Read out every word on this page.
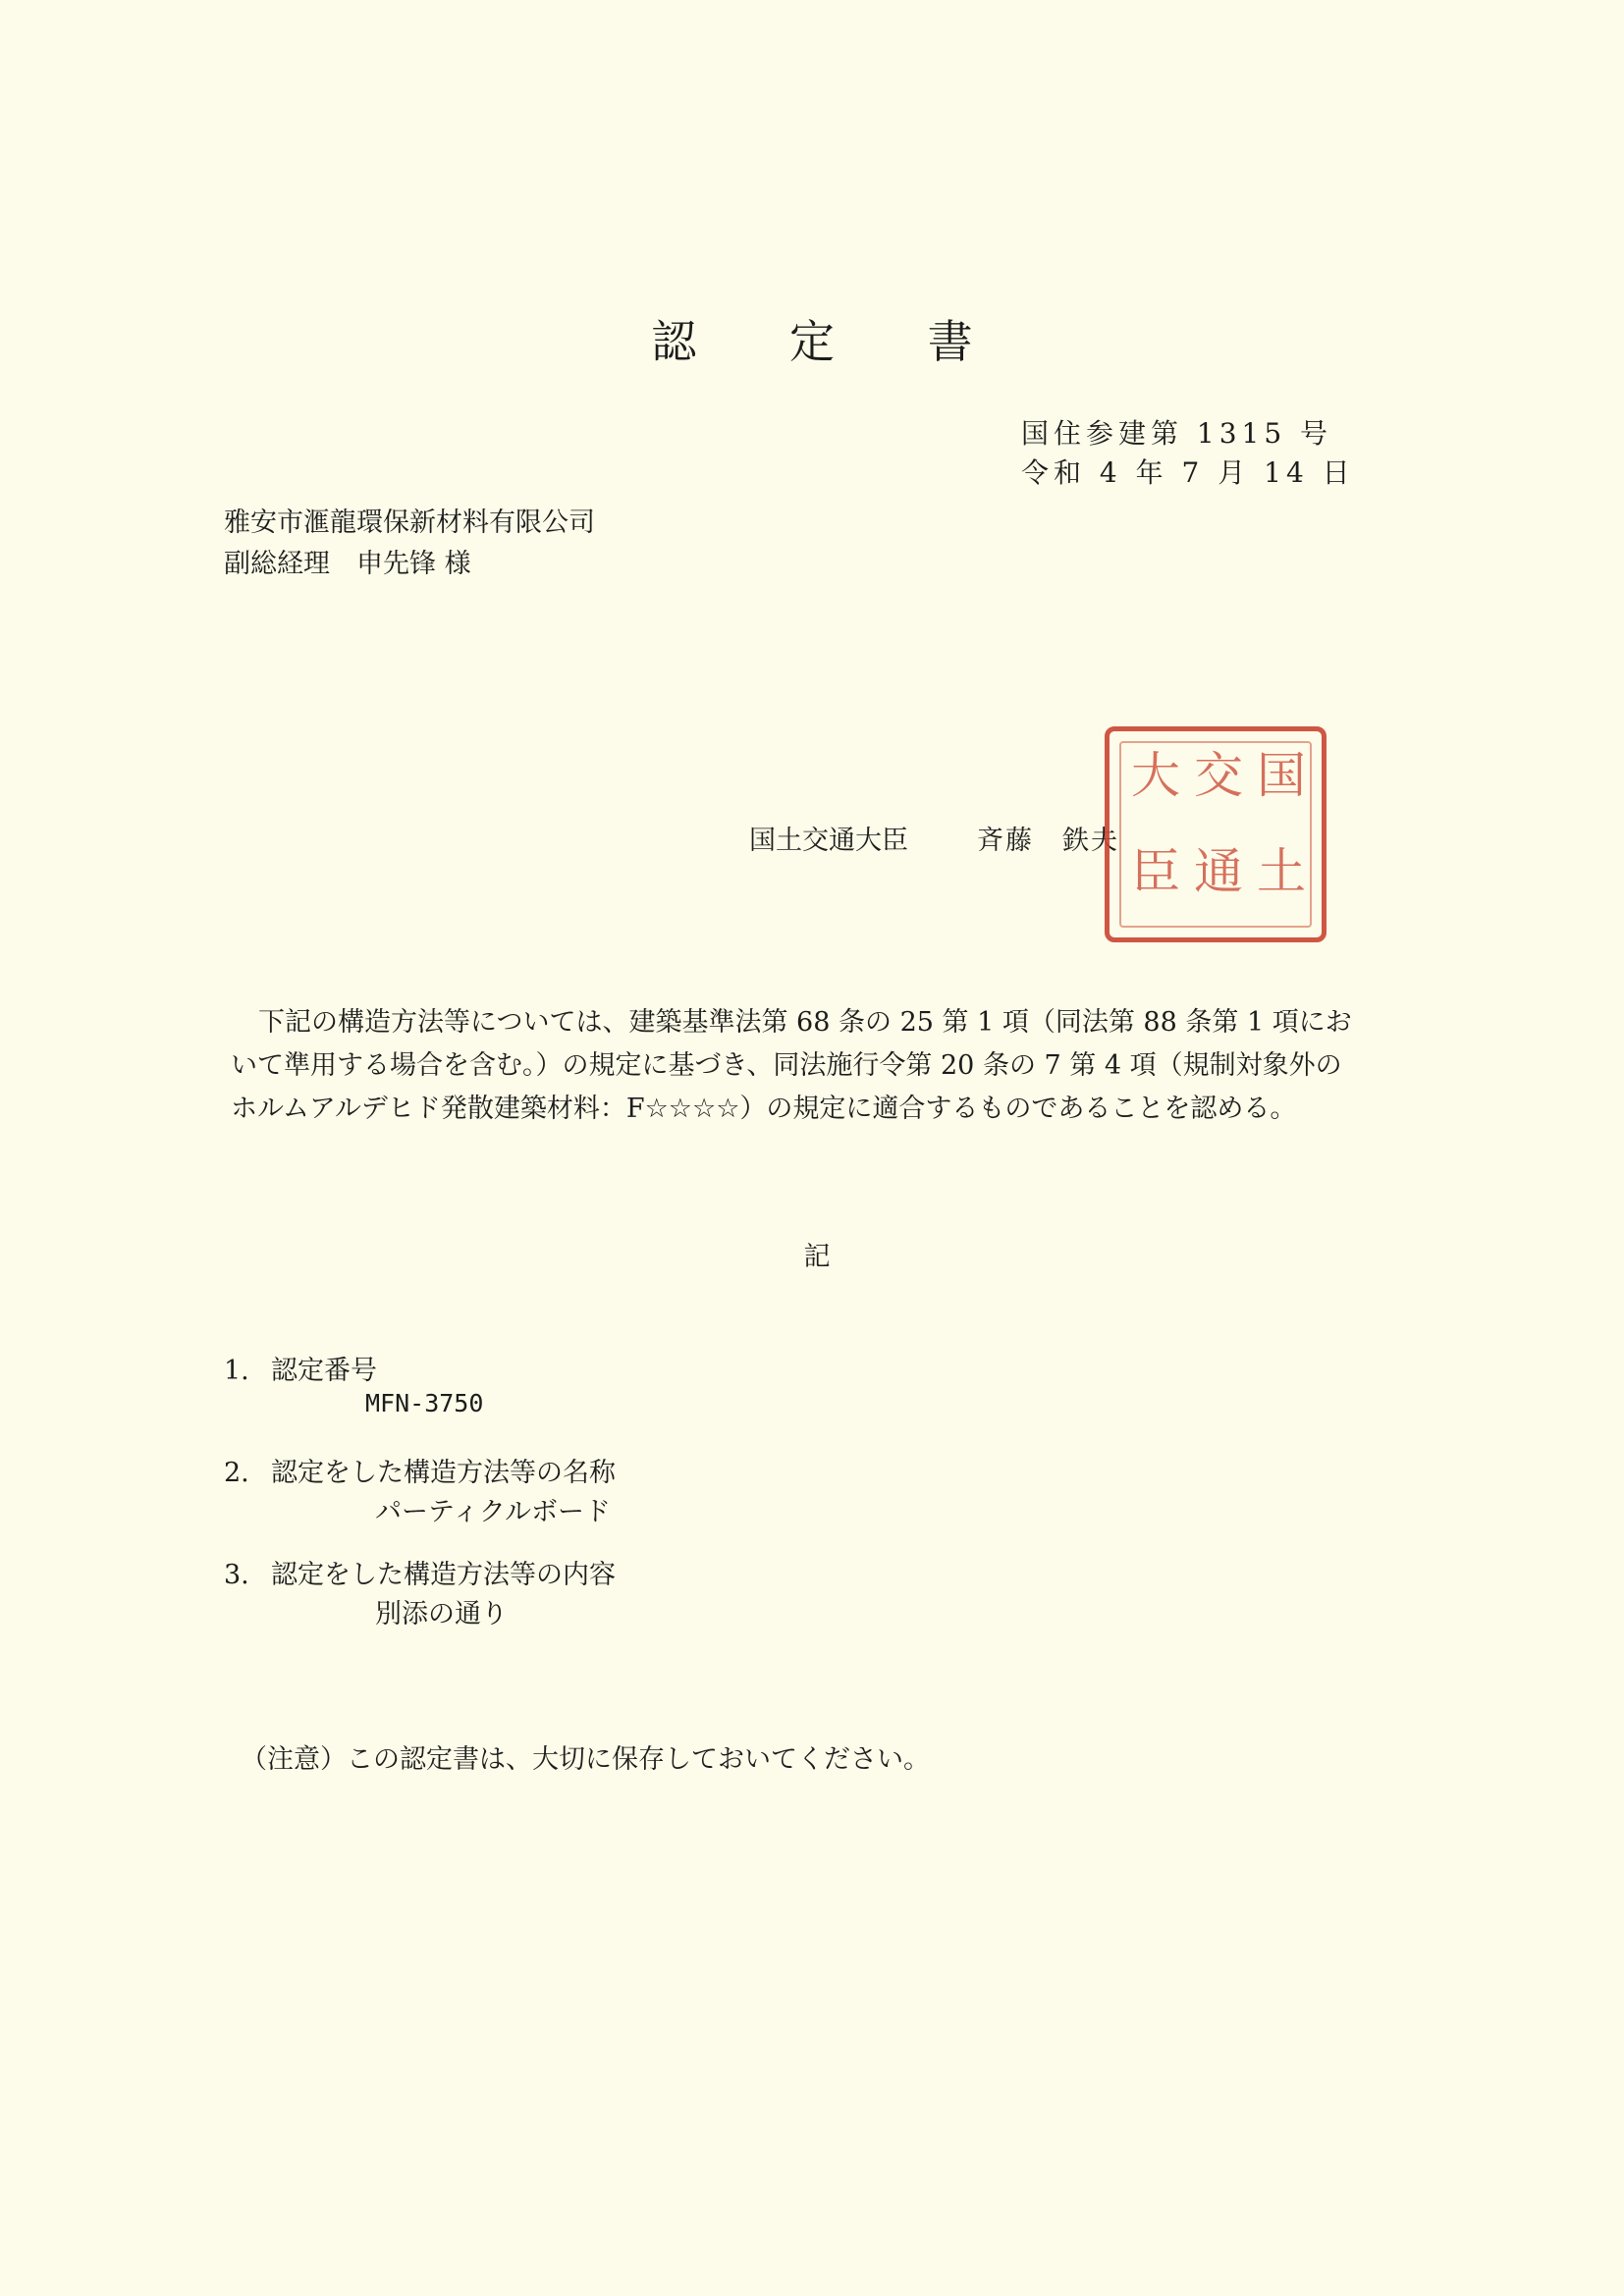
認 定 書
国住参建第 1315 号
令和 4 年 7 月 14 日
雅安市滙龍環保新材料有限公司
副総経理　申先锋 様
国土交通大臣	斉藤　鉄夫
国
土
交
通
大
臣

下記の構造方法等については、建築基準法第 68 条の 25 第 1 項（同法第 88 条第 1 項にお

いて準用する場合を含む。）の規定に基づき、同法施行令第 20 条の 7 第 4 項（規制対象外の

ホルムアルデヒド発散建築材料：F☆☆☆☆）の規定に適合するものであることを認める。

記
1. 認定番号
MFN-3750
2. 認定をした構造方法等の名称
パーティクルボード
3. 認定をした構造方法等の内容
別添の通り
（注意）この認定書は、大切に保存しておいてください。
